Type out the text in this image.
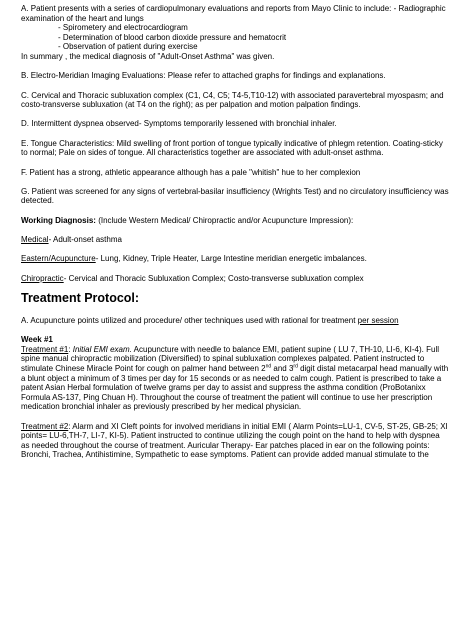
A. Patient presents with a series of cardiopulmonary evaluations and reports from Mayo Clinic to include: - Radiographic examination of the heart and lungs

- Spirometery and electrocardiogram

- Determination of blood carbon dioxide pressure and hematocrit

- Observation of patient during exercise

In summary , the medical diagnosis of "Adult-Onset Asthma" was given.

B. Electro-Meridian Imaging Evaluations: Please refer to attached graphs for findings and explanations.

C. Cervical and Thoracic subluxation complex (C1, C4, C5; T4-5,T10-12) with associated paravertebral myospasm; and costo-transverse subluxation (at T4 on the right); as per palpation and motion palpation findings.

D. Intermittent dyspnea observed- Symptoms temporarily lessened with bronchial inhaler.

E. Tongue Characteristics: Mild swelling of front portion of tongue typically indicative of phlegm retention. Coating-sticky to normal; Pale on sides of tongue. All characteristics together are associated with adult-onset asthma.

F. Patient has a strong, athletic appearance although has a pale "whitish" hue to her complexion

G. Patient was screened for any signs of vertebral-basilar insufficiency (Wrights Test) and no circulatory insufficiency was detected.

Working Diagnosis: (Include Western Medical/ Chiropractic and/or Acupuncture Impression):

Medical- Adult-onset asthma

Eastern/Acupuncture- Lung, Kidney, Triple Heater, Large Intestine meridian energetic imbalances.

Chiropractic- Cervical and Thoracic Subluxation Complex; Costo-transverse subluxation complex

Treatment Protocol:

A. Acupuncture points utilized and procedure/ other techniques used with rational for treatment per session

Week #1

Treatment #1: Initial EMI exam. Acupuncture with needle to balance EMI, patient supine ( LU 7, TH-10, LI-6, KI-4). Full spine manual chiropractic mobilization (Diversified) to spinal subluxation complexes palpated. Patient instructed to stimulate Chinese Miracle Point for cough on palmer hand between 2nd and 3rd digit distal metacarpal head manually with a blunt object a minimum of 3 times per day for 15 seconds or as needed to calm cough. Patient is prescribed to take a patent Asian Herbal formulation of twelve grams per day to assist and suppress the asthma condition (ProBotanixx Formula AS-137, Ping Chuan H). Throughout the course of treatment the patient will continue to use her prescription medication bronchial inhaler as previously prescribed by her medical physician.

Treatment #2: Alarm and XI Cleft points for involved meridians in initial EMI ( Alarm Points=LU-1, CV-5, ST-25, GB-25; XI points= LU-6,TH-7, LI-7, KI-5). Patient instructed to continue utilizing the cough point on the hand to help with dyspnea as needed throughout the course of treatment. Auricular Therapy- Ear patches placed in ear on the following points: Bronchi, Trachea, Antihistimine, Sympathetic to ease symptoms. Patient can provide added manual stimulate to the
